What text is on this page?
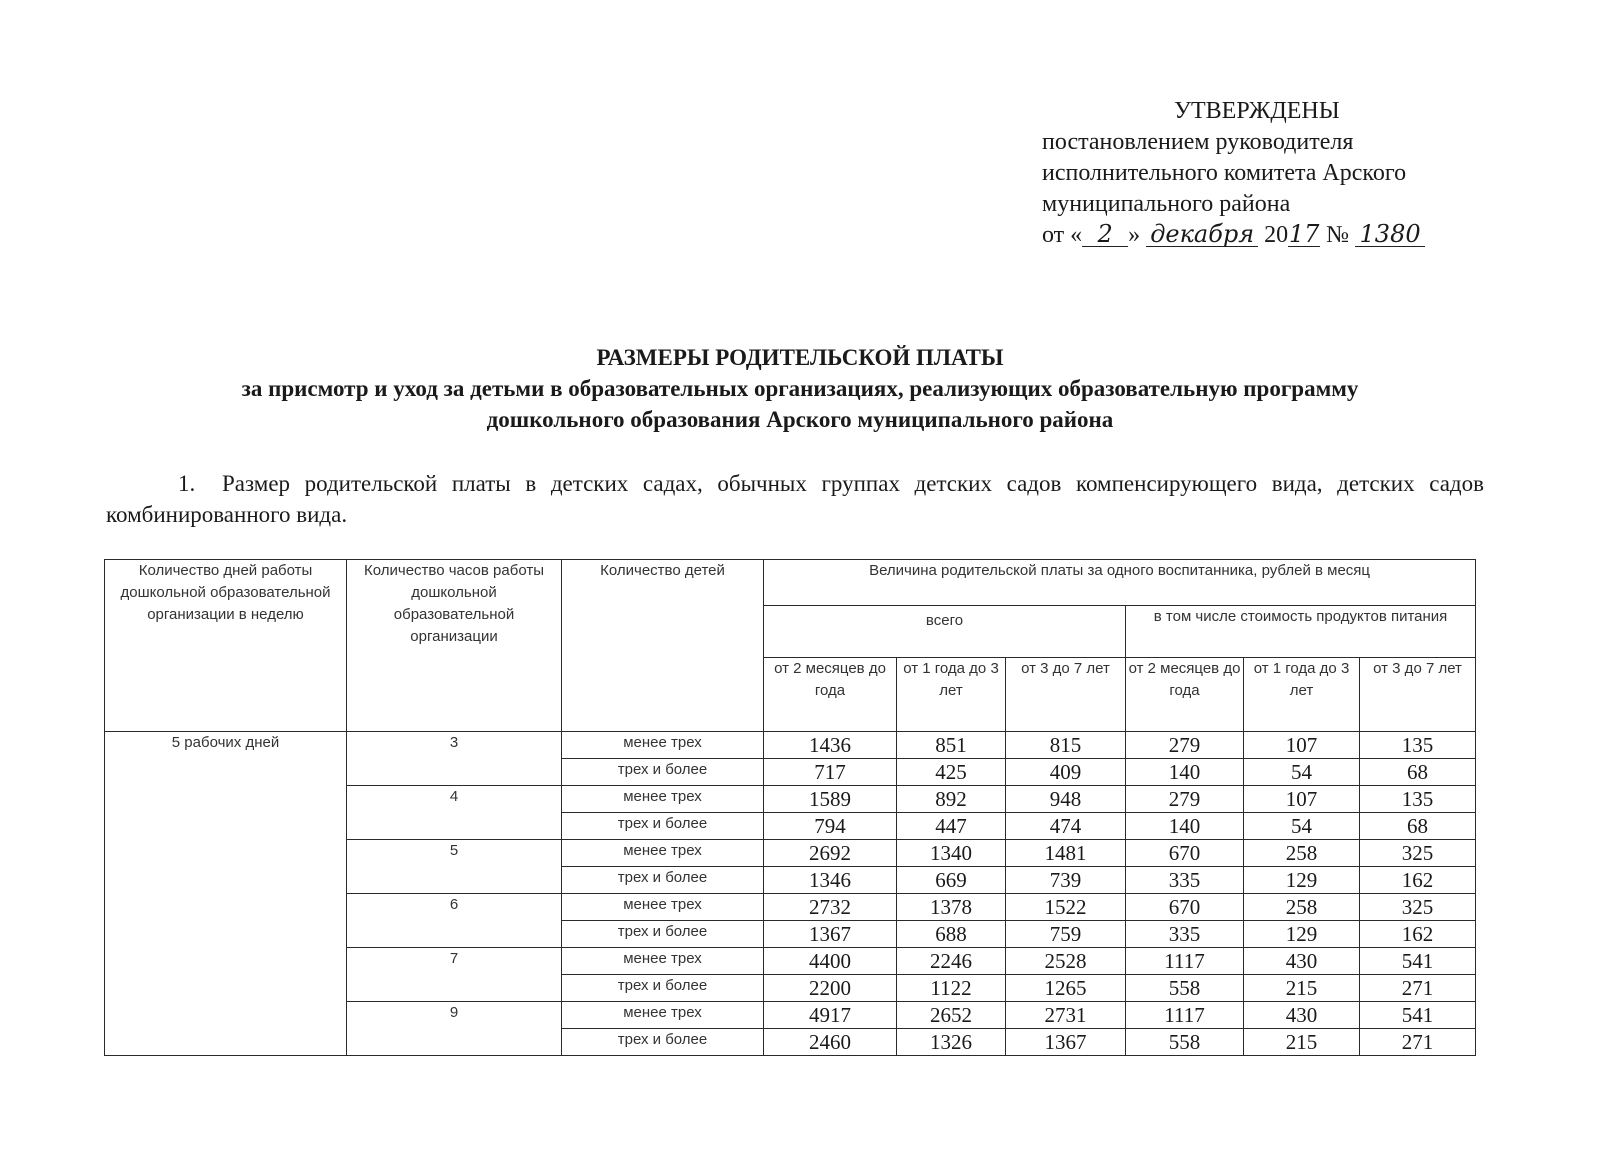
УТВЕРЖДЕНЫ
постановлением руководителя
исполнительного комитета Арского
муниципального района
от « 2 » декабря 2017 № 1380
РАЗМЕРЫ РОДИТЕЛЬСКОЙ ПЛАТЫ
за присмотр и уход за детьми в образовательных организациях, реализующих образовательную программу
дошкольного образования Арского муниципального района
1. Размер родительской платы в детских садах, обычных группах детских садов компенсирующего вида, детских садов комбинированного вида.
Количество дней работы дошкольной образовательной организации в неделю	Количество часов работы дошкольной образовательной организации	Количество детей	Величина родительской платы за одного воспитанника, рублей в месяц					
			всего			в том числе стоимость продуктов питания		
			от 2 месяцев до года	от 1 года до 3 лет	от 3 до 7 лет	от 2 месяцев до года	от 1 года до 3 лет	от 3 до 7 лет
5 рабочих дней	3	менее трех	1436	851	815	279	107	135
		трех и более	717	425	409	140	54	68
	4	менее трех	1589	892	948	279	107	135
		трех и более	794	447	474	140	54	68
	5	менее трех	2692	1340	1481	670	258	325
		трех и более	1346	669	739	335	129	162
	6	менее трех	2732	1378	1522	670	258	325
		трех и более	1367	688	759	335	129	162
	7	менее трех	4400	2246	2528	1117	430	541
		трех и более	2200	1122	1265	558	215	271
	9	менее трех	4917	2652	2731	1117	430	541
		трех и более	2460	1326	1367	558	215	271
